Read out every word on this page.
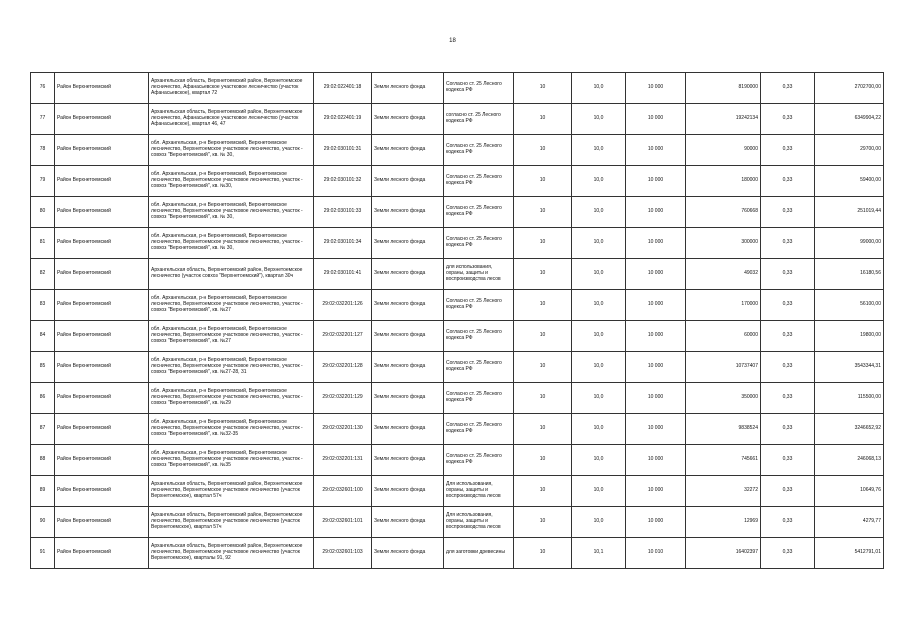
18
76	Район Верхнетоемский	Архангельская область, Верхнетоемский район, Верхнетоемское лесничество, Афанасьевское участковое лесничество (участок Афанасьевское), квартал 72	29:02:022401:18	Земли лесного фонда	Согласно ст. 25 Лесного кодекса РФ	10	10,0	10 000	8190000	0,33	2702700,00
77	Район Верхнетоемский	Архангельская область, Верхнетоемский район, Верхнетоемское лесничество, Афанасьевское участковое лесничество (участок Афанасьевское), квартал 46, 47	29:02:022401:19	Земли лесного фонда	согласно ст. 25 Лесного кодекса РФ	10	10,0	10 000	19242134	0,33	6349904,22
78	Район Верхнетоемский	обл. Архангельская, р-н Верхнетоемский, Верхнетоемское лесничество, Верхнетоемское участковое лесничество, участок - совхоз "Верхнетоемский", кв. № 30,	29:02:030101:31	Земли лесного фонда	Согласно ст. 25 Лесного кодекса РФ	10	10,0	10 000	90000	0,33	29700,00
79	Район Верхнетоемский	обл. Архангельская, р-н Верхнетоемский, Верхнетоемское лесничество, Верхнетоемское участковое лесничество, участок - совхоз "Верхнетоемский", кв. №30,	29:02:030101:32	Земли лесного фонда	Согласно ст. 25 Лесного кодекса РФ	10	10,0	10 000	180000	0,33	59400,00
80	Район Верхнетоемский	обл. Архангельская, р-н Верхнетоемский, Верхнетоемское лесничество, Верхнетоемское участковое лесничество, участок - совхоз "Верхнетоемский", кв. № 30,	29:02:030101:33	Земли лесного фонда	Согласно ст. 25 Лесного кодекса РФ	10	10,0	10 000	760668	0,33	251019,44
81	Район Верхнетоемский	обл. Архангельская, р-н Верхнетоемский, Верхнетоемское лесничество, Верхнетоемское участковое лесничество, участок - совхоз "Верхнетоемский", кв. № 30,	29:02:030101:34	Земли лесного фонда	Согласно ст. 25 Лесного кодекса РФ	10	10,0	10 000	300000	0,33	99000,00
82	Район Верхнетоемский	Архангельская область, Верхнетоемский район, Верхнетоемское лесничество (участок совхоз "Верхнетоемский"), квартал 30ч	29:02:030101:41	Земли лесного фонда	для использования, охраны, защиты и воспроизводства лесов	10	10,0	10 000	49032	0,33	16180,56
83	Район Верхнетоемский	обл. Архангельская, р-н Верхнетоемский, Верхнетоемское лесничество, Верхнетоемское участковое лесничество, участок - совхоз "Верхнетоемский", кв. №27	29:02:032201:126	Земли лесного фонда	Согласно ст. 25 Лесного кодекса РФ	10	10,0	10 000	170000	0,33	56100,00
84	Район Верхнетоемский	обл. Архангельская, р-н Верхнетоемский, Верхнетоемское лесничество, Верхнетоемское участковое лесничество, участок - совхоз "Верхнетоемский", кв. №27	29:02:032201:127	Земли лесного фонда	Согласно ст. 25 Лесного кодекса РФ	10	10,0	10 000	60000	0,33	19800,00
85	Район Верхнетоемский	обл. Архангельская, р-н Верхнетоемский, Верхнетоемское лесничество, Верхнетоемское участковое лесничество, участок - совхоз "Верхнетоемский", кв. №27-28, 31	29:02:032201:128	Земли лесного фонда	Согласно ст. 25 Лесного кодекса РФ	10	10,0	10 000	10737407	0,33	3543344,31
86	Район Верхнетоемский	обл. Архангельская, р-н Верхнетоемский, Верхнетоемское лесничество, Верхнетоемское участковое лесничество, участок - совхоз "Верхнетоемский", кв. №29	29:02:032201:129	Земли лесного фонда	Согласно ст. 25 Лесного кодекса РФ	10	10,0	10 000	350000	0,33	115500,00
87	Район Верхнетоемский	обл. Архангельская, р-н Верхнетоемский, Верхнетоемское лесничество, Верхнетоемское участковое лесничество, участок - совхоз "Верхнетоемский", кв. №32-35	29:02:032201:130	Земли лесного фонда	Согласно ст. 25 Лесного кодекса РФ	10	10,0	10 000	9838524	0,33	3246652,92
88	Район Верхнетоемский	обл. Архангельская, р-н Верхнетоемский, Верхнетоемское лесничество, Верхнетоемское участковое лесничество, участок - совхоз "Верхнетоемский", кв. №35	29:02:032201:131	Земли лесного фонда	Согласно ст. 25 Лесного кодекса РФ	10	10,0	10 000	745661	0,33	246068,13
89	Район Верхнетоемский	Архангельская область, Верхнетоемский район, Верхнетоемское лесничество, Верхнетоемское участковое лесничество (участок Верхнетоемское), квартал 57ч	29:02:032601:100	Земли лесного фонда	Для использования, охраны, защиты и воспроизводства лесов	10	10,0	10 000	32272	0,33	10649,76
90	Район Верхнетоемский	Архангельская область, Верхнетоемский район, Верхнетоемское лесничество, Верхнетоемское участковое лесничество (участок Верхнетоемское), квартал 57ч	29:02:032601:101	Земли лесного фонда	Для использования, охраны, защиты и воспроизводства лесов	10	10,0	10 000	12969	0,33	4279,77
91	Район Верхнетоемский	Архангельская область, Верхнетоемский район, Верхнетоемское лесничество, Верхнетоемское участковое лесничество (участок Верхнетоемское), кварталы 91, 92	29:02:032601:103	Земли лесного фонда	для заготовки древесины	10	10,1	10 010	16402397	0,33	5412791,01
